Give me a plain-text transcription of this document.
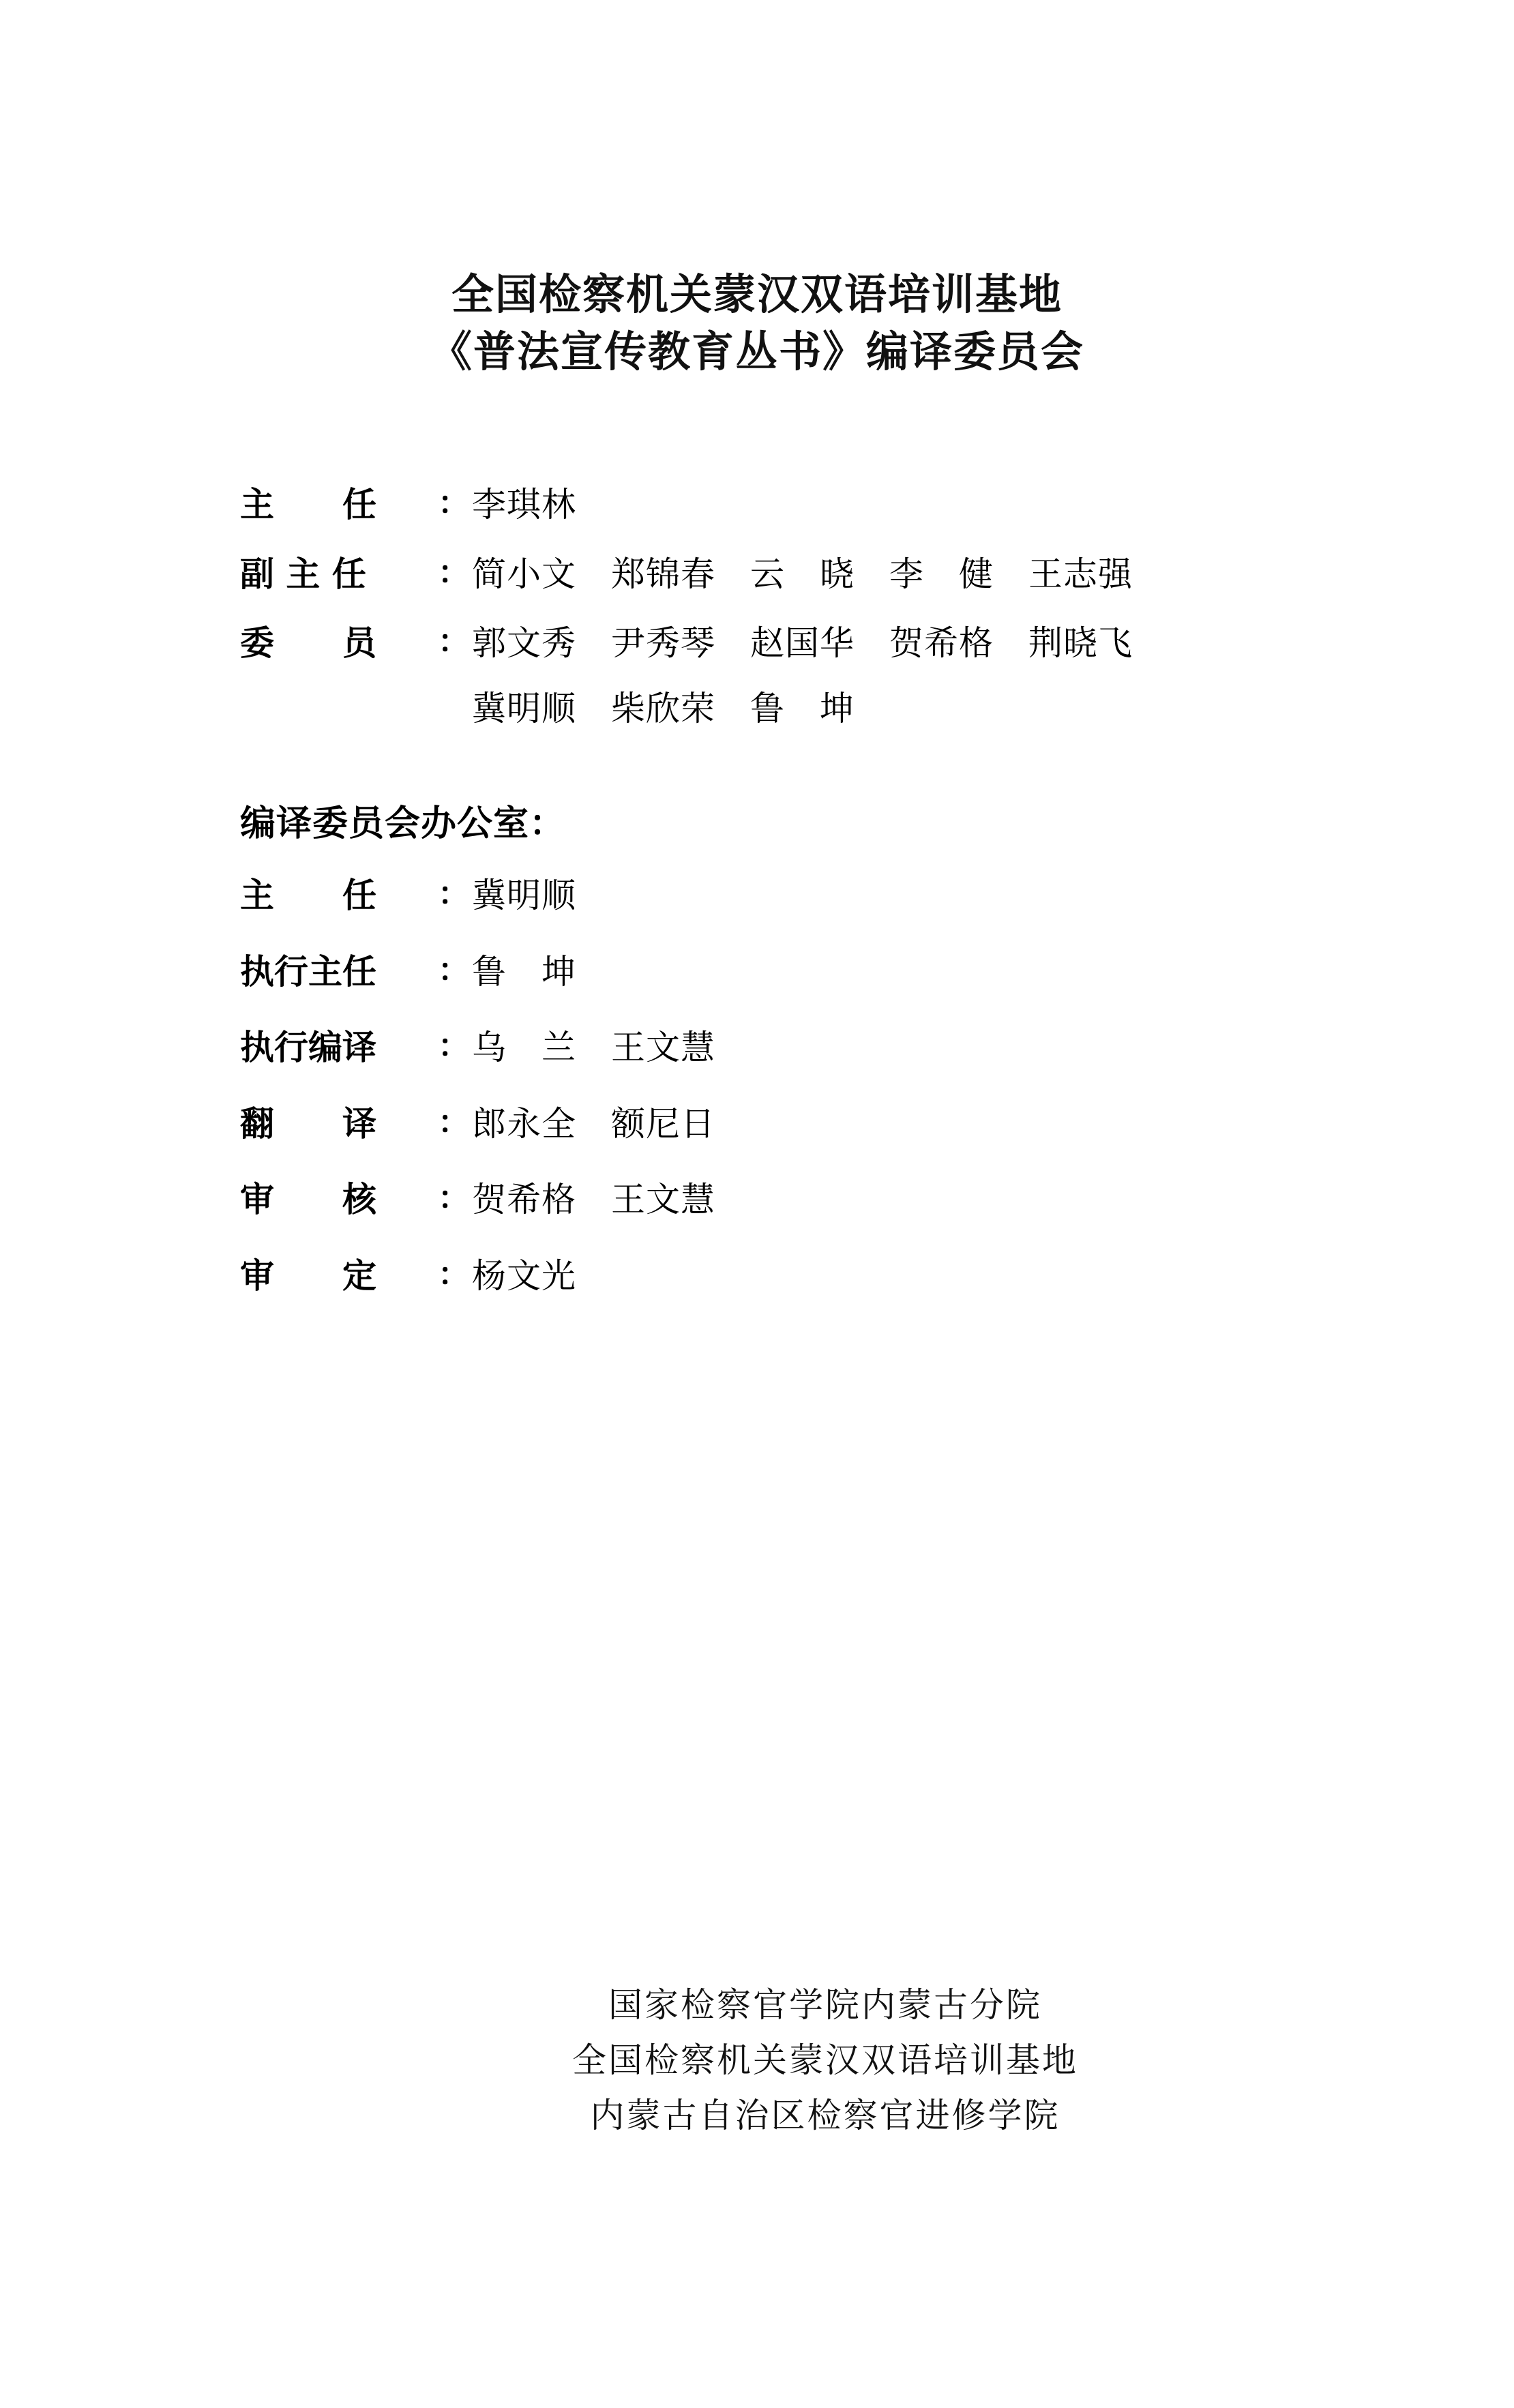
全国检察机关蒙汉双语培训基地
《普法宣传教育丛书》编译委员会
主　　任	： 李琪林
副 主 任	： 简小文　郑锦春　云　晓　李　健　王志强
委　　员	： 郭文秀　尹秀琴　赵国华　贺希格　荆晓飞
冀明顺　柴欣荣　鲁　坤
编译委员会办公室：
主　　任	： 冀明顺
执行主任	： 鲁　坤
执行编译	： 乌　兰　王文慧
翻　　译	： 郎永全　额尼日
审　　核	： 贺希格　王文慧
审　　定	： 杨文光
国家检察官学院内蒙古分院
全国检察机关蒙汉双语培训基地
内蒙古自治区检察官进修学院
